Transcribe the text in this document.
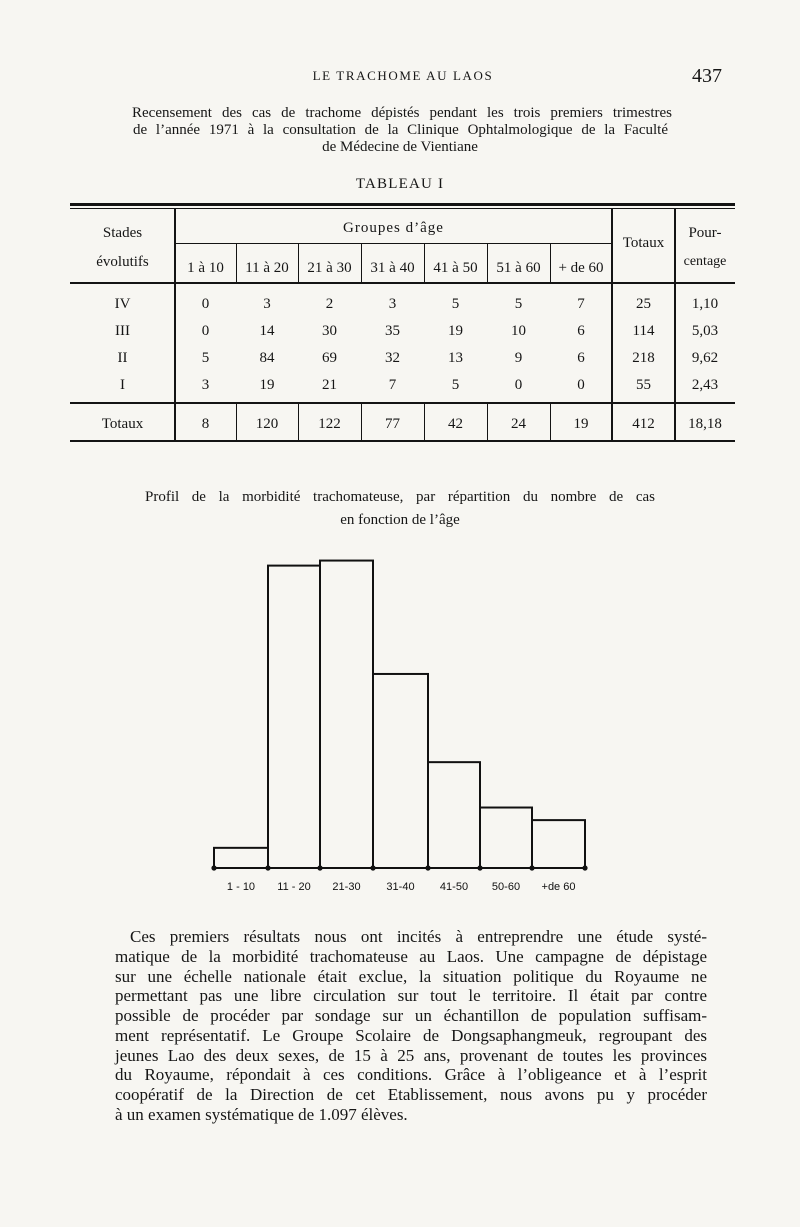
LE TRACHOME AU LAOS	437
Recensement des cas de trachome dépistés pendant les trois premiers trimestres
de l’année 1971 à la consultation de la Clinique Ophtalmologique de la Faculté
de Médecine de Vientiane
TABLEAU I
Stades
évolutifs
Groupes d’âge
1 à 10	11 à 20	21 à 30	31 à 40	41 à 50	51 à 60	+ de 60
Totaux
Pour-
centage
IV	0	3	2	3	5	5	7	25	1,10
III	0	14	30	35	19	10	6	114	5,03
II	5	84	69	32	13	9	6	218	9,62
I	3	19	21	7	5	0	0	55	2,43
Totaux	8	120	122	77	42	24	19	412	18,18
Profil de la morbidité trachomateuse, par répartition du nombre de cas
en fonction de l’âge
1 - 10 11 - 20 21-30 31-40 41-50 50-60 +de 60
Ces premiers résultats nous ont incités à entreprendre une étude systé-
matique de la morbidité trachomateuse au Laos. Une campagne de dépistage
sur une échelle nationale était exclue, la situation politique du Royaume ne
permettant pas une libre circulation sur tout le territoire. Il était par contre
possible de procéder par sondage sur un échantillon de population suffisam-
ment représentatif. Le Groupe Scolaire de Dongsaphangmeuk, regroupant des
jeunes Lao des deux sexes, de 15 à 25 ans, provenant de toutes les provinces
du Royaume, répondait à ces conditions. Grâce à l’obligeance et à l’esprit
coopératif de la Direction de cet Etablissement, nous avons pu y procéder
à un examen systématique de 1.097 élèves.
